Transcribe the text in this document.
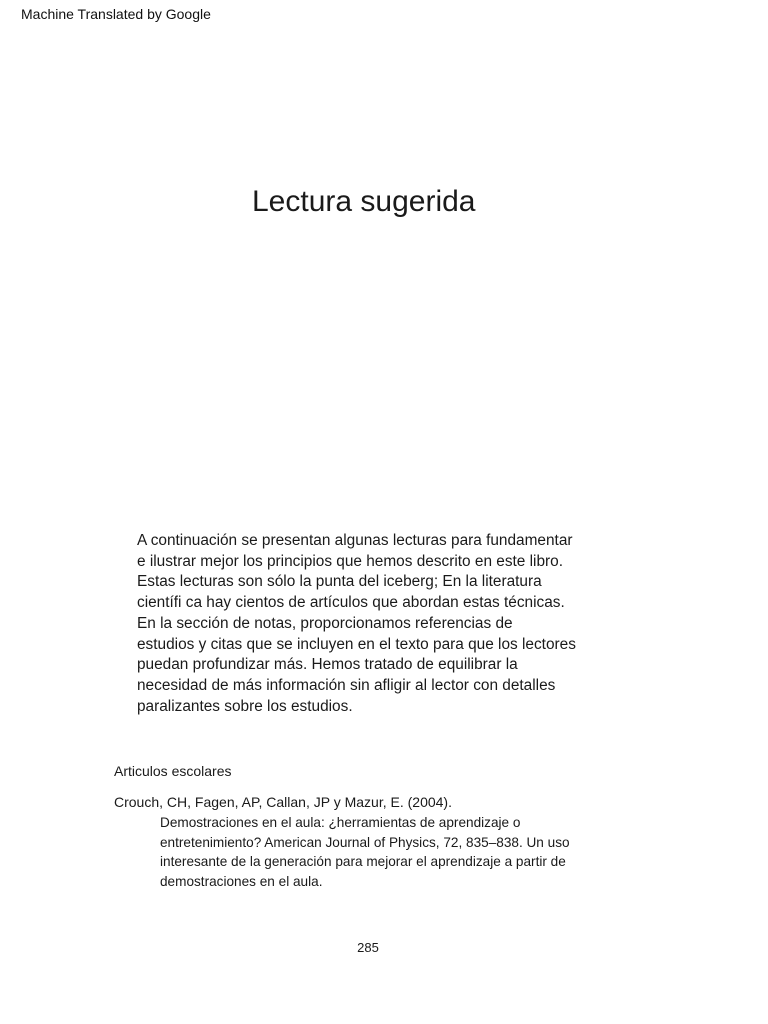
Machine Translated by Google
Lectura sugerida
A continuación se presentan algunas lecturas para fundamentar
e ilustrar mejor los principios que hemos descrito en este libro.
Estas lecturas son sólo la punta del iceberg; En la literatura
científi ca hay cientos de artículos que abordan estas técnicas.
En la sección de notas, proporcionamos referencias de
estudios y citas que se incluyen en el texto para que los lectores
puedan profundizar más. Hemos tratado de equilibrar la
necesidad de más información sin afligir al lector con detalles
paralizantes sobre los estudios.
Articulos escolares
Crouch, CH, Fagen, AP, Callan, JP y Mazur, E. (2004).
Demostraciones en el aula: ¿herramientas de aprendizaje o
entretenimiento? American Journal of Physics, 72, 835–838. Un uso
interesante de la generación para mejorar el aprendizaje a partir de
demostraciones en el aula.
285
